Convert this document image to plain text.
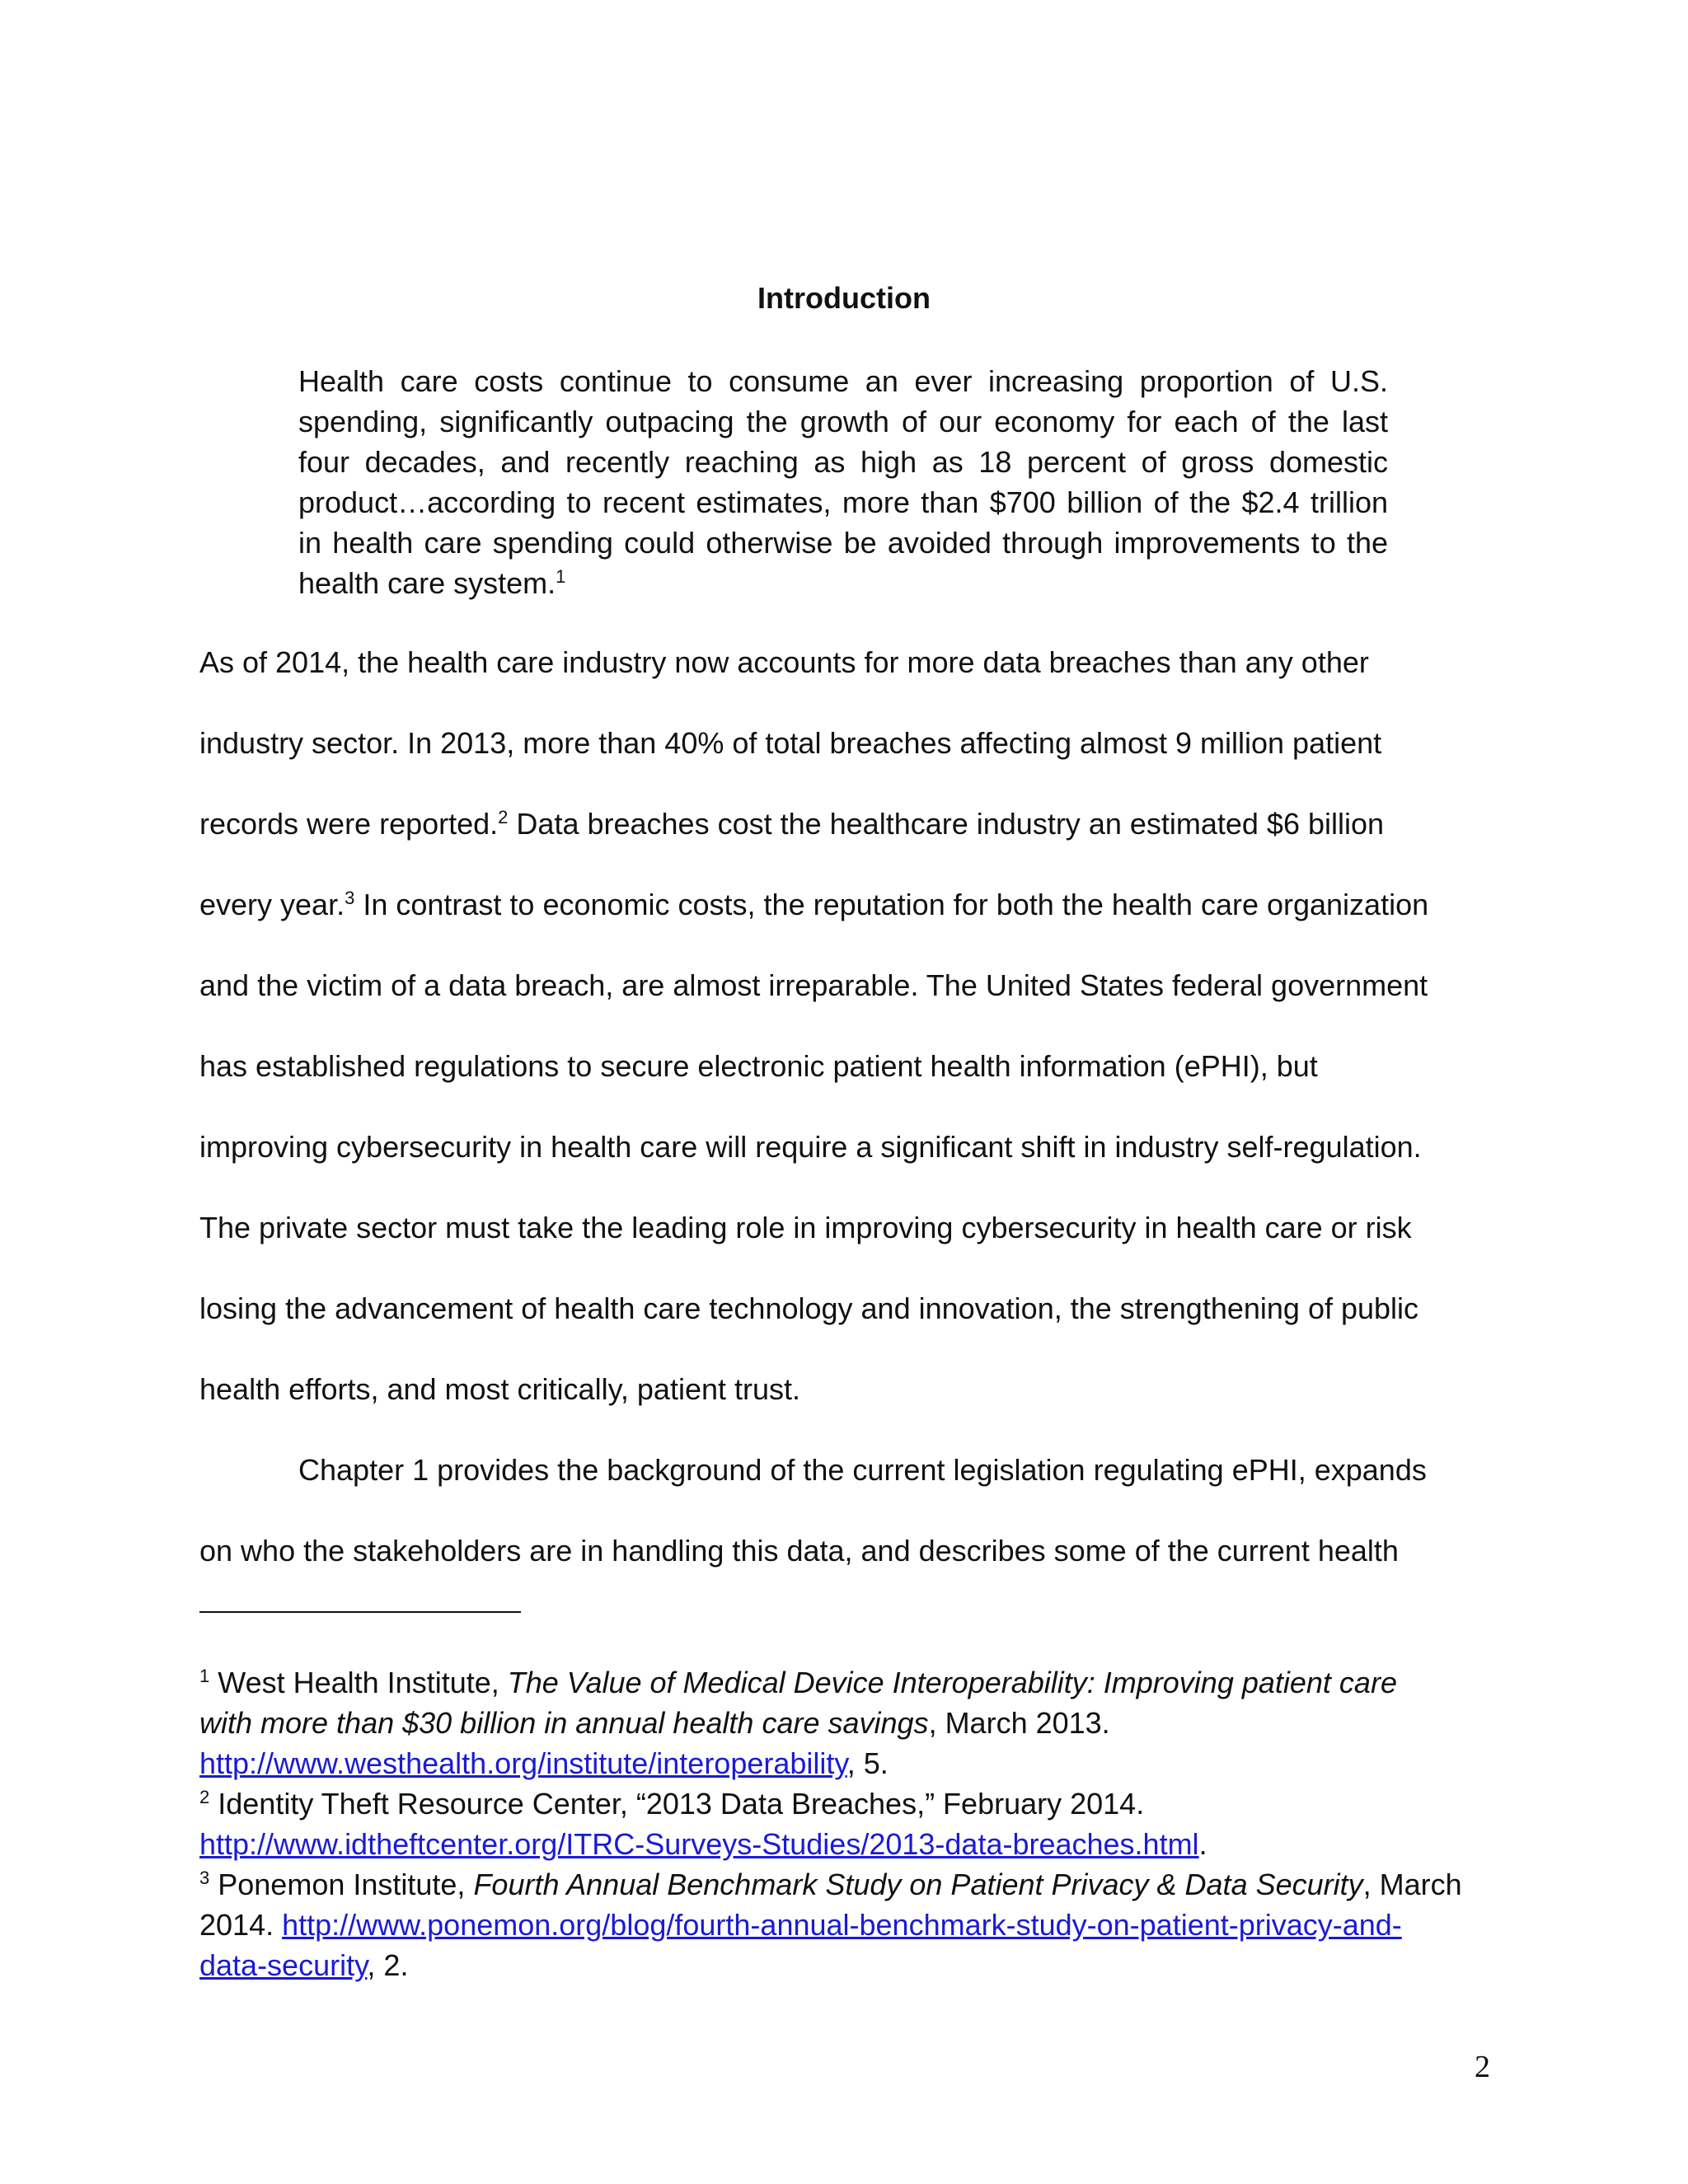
Introduction
Health care costs continue to consume an ever increasing proportion of U.S. spending, significantly outpacing the growth of our economy for each of the last four decades, and recently reaching as high as 18 percent of gross domestic product…according to recent estimates, more than $700 billion of the $2.4 trillion in health care spending could otherwise be avoided through improvements to the health care system.$^1$
As of 2014, the health care industry now accounts for more data breaches than any other
industry sector. In 2013, more than 40% of total breaches affecting almost 9 million patient
records were reported.$^2$ Data breaches cost the healthcare industry an estimated $6 billion
every year.$^3$ In contrast to economic costs, the reputation for both the health care organization
and the victim of a data breach, are almost irreparable. The United States federal government
has established regulations to secure electronic patient health information (ePHI), but
improving cybersecurity in health care will require a significant shift in industry self-regulation.
The private sector must take the leading role in improving cybersecurity in health care or risk
losing the advancement of health care technology and innovation, the strengthening of public
health efforts, and most critically, patient trust.
Chapter 1 provides the background of the current legislation regulating ePHI, expands
on who the stakeholders are in handling this data, and describes some of the current health
$^1$ West Health Institute, The Value of Medical Device Interoperability: Improving patient care
with more than $30 billion in annual health care savings, March 2013.
http://www.westhealth.org/institute/interoperability, 5.
$^2$ Identity Theft Resource Center, “2013 Data Breaches,” February 2014.
http://www.idtheftcenter.org/ITRC-Surveys-Studies/2013-data-breaches.html.
$^3$ Ponemon Institute, Fourth Annual Benchmark Study on Patient Privacy & Data Security, March
2014. http://www.ponemon.org/blog/fourth-annual-benchmark-study-on-patient-privacy-and-
data-security, 2.
2
